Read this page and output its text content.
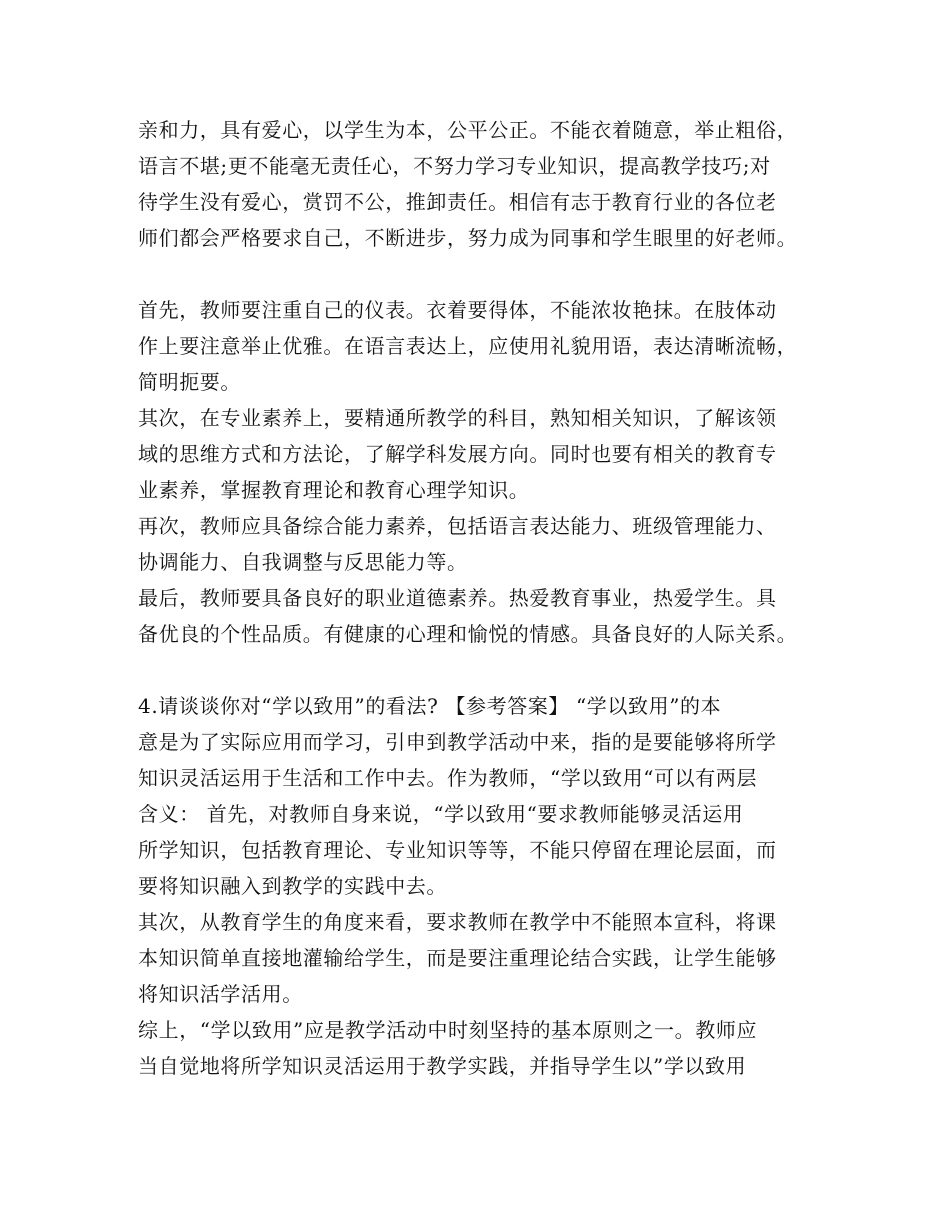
亲和力，具有爱心，以学生为本，公平公正。不能衣着随意，举止粗俗，
语言不堪;更不能毫无责任心，不努力学习专业知识，提高教学技巧;对
待学生没有爱心，赏罚不公，推卸责任。相信有志于教育行业的各位老
师们都会严格要求自己，不断进步，努力成为同事和学生眼里的好老师。
首先，教师要注重自己的仪表。衣着要得体，不能浓妆艳抹。在肢体动
作上要注意举止优雅。在语言表达上，应使用礼貌用语，表达清晰流畅，
简明扼要。
其次，在专业素养上，要精通所教学的科目，熟知相关知识，了解该领
域的思维方式和方法论，了解学科发展方向。同时也要有相关的教育专
业素养，掌握教育理论和教育心理学知识。
再次，教师应具备综合能力素养，包括语言表达能力、班级管理能力、
协调能力、自我调整与反思能力等。
最后，教师要具备良好的职业道德素养。热爱教育事业，热爱学生。具
备优良的个性品质。有健康的心理和愉悦的情感。具备良好的人际关系。
4.请谈谈你对“学以致用”的看法? 【参考答案】 “学以致用”的本
意是为了实际应用而学习，引申到教学活动中来，指的是要能够将所学
知识灵活运用于生活和工作中去。作为教师，“学以致用“可以有两层
含义： 首先，对教师自身来说，“学以致用“要求教师能够灵活运用
所学知识，包括教育理论、专业知识等等，不能只停留在理论层面，而
要将知识融入到教学的实践中去。
其次，从教育学生的角度来看，要求教师在教学中不能照本宣科，将课
本知识简单直接地灌输给学生，而是要注重理论结合实践，让学生能够
将知识活学活用。
综上，“学以致用”应是教学活动中时刻坚持的基本原则之一。教师应
当自觉地将所学知识灵活运用于教学实践，并指导学生以”学以致用
